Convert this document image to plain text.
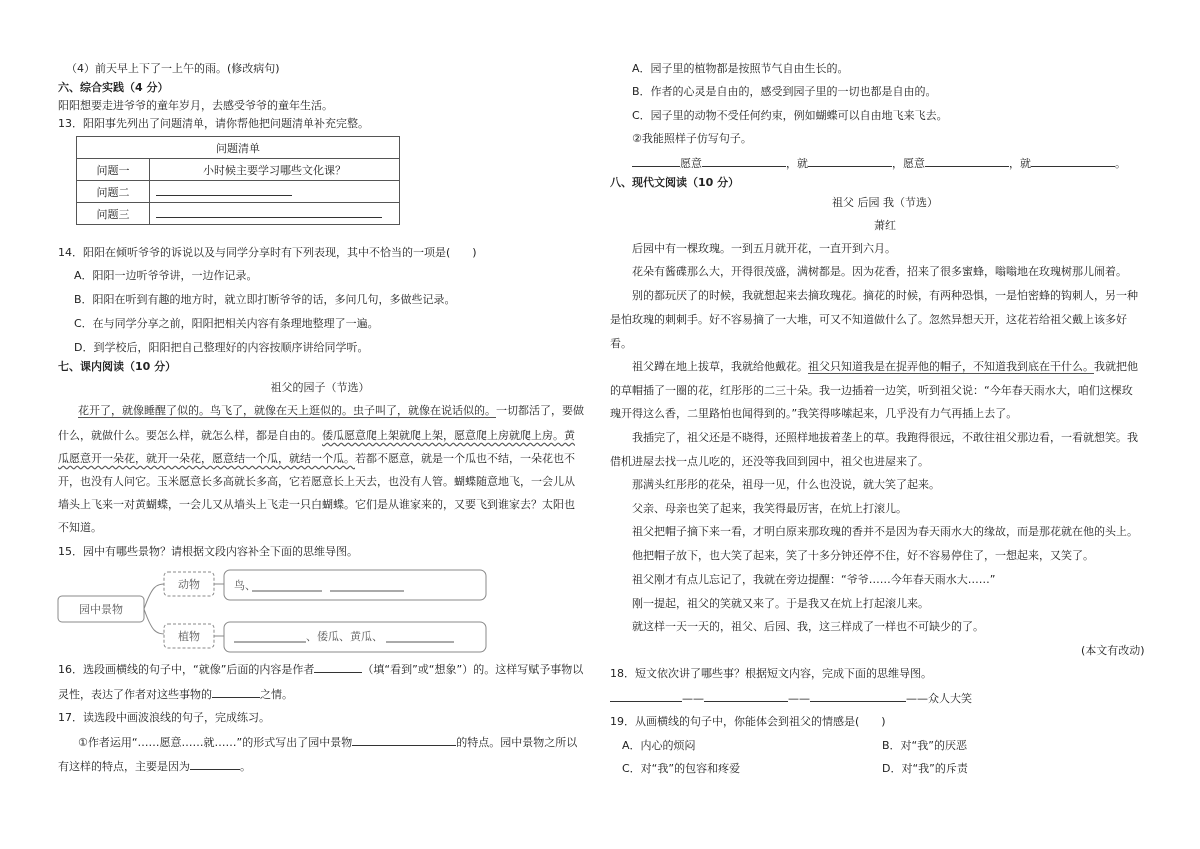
（4）前天早上下了一上午的雨。(修改病句)
六、综合实践（4 分）
阳阳想要走进爷爷的童年岁月，去感受爷爷的童年生活。
13．阳阳事先列出了问题清单，请你帮他把问题清单补充完整。
问题清单	
问题一	小时候主要学习哪些文化课？
问题二	
问题三	
14．阳阳在倾听爷爷的诉说以及与同学分享时有下列表现，其中不恰当的一项是(　　)
A．阳阳一边听爷爷讲，一边作记录。
B．阳阳在听到有趣的地方时，就立即打断爷爷的话，多问几句，多做些记录。
C．在与同学分享之前，阳阳把相关内容有条理地整理了一遍。
D．到学校后，阳阳把自己整理好的内容按顺序讲给同学听。
七、课内阅读（10 分）
祖父的园子（节选）
花开了，就像睡醒了似的。鸟飞了，就像在天上逛似的。虫子叫了，就像在说话似的。一切都活了，要做
什么，就做什么。要怎么样，就怎么样，都是自由的。倭瓜愿意爬上架就爬上架，愿意爬上房就爬上房。黄
瓜愿意开一朵花，就开一朵花，愿意结一个瓜，就结一个瓜。若都不愿意，就是一个瓜也不结，一朵花也不
开，也没有人问它。玉米愿意长多高就长多高，它若愿意长上天去，也没有人管。蝴蝶随意地飞，一会儿从
墙头上飞来一对黄蝴蝶，一会儿又从墙头上飞走一只白蝴蝶。它们是从谁家来的，又要飞到谁家去？太阳也
不知道。
15．园中有哪些景物？请根据文段内容补全下面的思维导图。
园中景物
动物
植物
鸟、
、倭瓜、黄瓜、
16．选段画横线的句子中，“就像”后面的内容是作者	（填“看到”或“想象”）的。这样写赋予事物以
灵性，表达了作者对这些事物的	之情。
17．读选段中画波浪线的句子，完成练习。
①作者运用“……愿意……就……”的形式写出了园中景物	的特点。园中景物之所以
有这样的特点，主要是因为	。
A．园子里的植物都是按照节气自由生长的。
B．作者的心灵是自由的，感受到园子里的一切也都是自由的。
C．园子里的动物不受任何约束，例如蝴蝶可以自由地飞来飞去。
②我能照样子仿写句子。
愿意	，就	，愿意	，就	。
八、现代文阅读（10 分）
祖父 后园 我（节选）
萧红
后园中有一棵玫瑰。一到五月就开花，一直开到六月。
花朵有酱碟那么大，开得很茂盛，满树都是。因为花香，招来了很多蜜蜂，嗡嗡地在玫瑰树那儿闹着。
别的都玩厌了的时候，我就想起来去摘玫瑰花。摘花的时候，有两种恐惧，一是怕密蜂的钩刺人，另一种
是怕玫瑰的刺刺手。好不容易摘了一大堆，可又不知道做什么了。忽然异想天开，这花若给祖父戴上该多好
看。
祖父蹲在地上拔草，我就给他戴花。祖父只知道我是在捉弄他的帽子，不知道我到底在干什么。我就把他
的草帽插了一圈的花，红彤彤的二三十朵。我一边插着一边笑，听到祖父说：“今年春天雨水大，咱们这棵玫
瑰开得这么香，二里路怕也闻得到的。”我笑得哆嗦起来，几乎没有力气再插上去了。
我插完了，祖父还是不晓得，还照样地拔着垄上的草。我跑得很远，不敢往祖父那边看，一看就想笑。我
借机进屋去找一点儿吃的，还没等我回到园中，祖父也进屋来了。
那满头红彤彤的花朵，祖母一见，什么也没说，就大笑了起来。
父亲、母亲也笑了起来，我笑得最厉害，在炕上打滚儿。
祖父把帽子摘下来一看，才明白原来那玫瑰的香并不是因为春天雨水大的缘故，而是那花就在他的头上。
他把帽子放下，也大笑了起来，笑了十多分钟还停不住，好不容易停住了，一想起来，又笑了。
祖父刚才有点儿忘记了，我就在旁边提醒：“爷爷……今年春天雨水大……”
刚一提起，祖父的笑就又来了。于是我又在炕上打起滚儿来。
就这样一天一天的，祖父、后园、我，这三样成了一样也不可缺少的了。
(本文有改动)
18．短文依次讲了哪些事？根据短文内容，完成下面的思维导图。
——	——	——众人大笑
19．从画横线的句子中，你能体会到祖父的情感是(　　)
A．内心的烦闷	B．对“我”的厌恶
C．对“我”的包容和疼爱	D．对“我”的斥责
